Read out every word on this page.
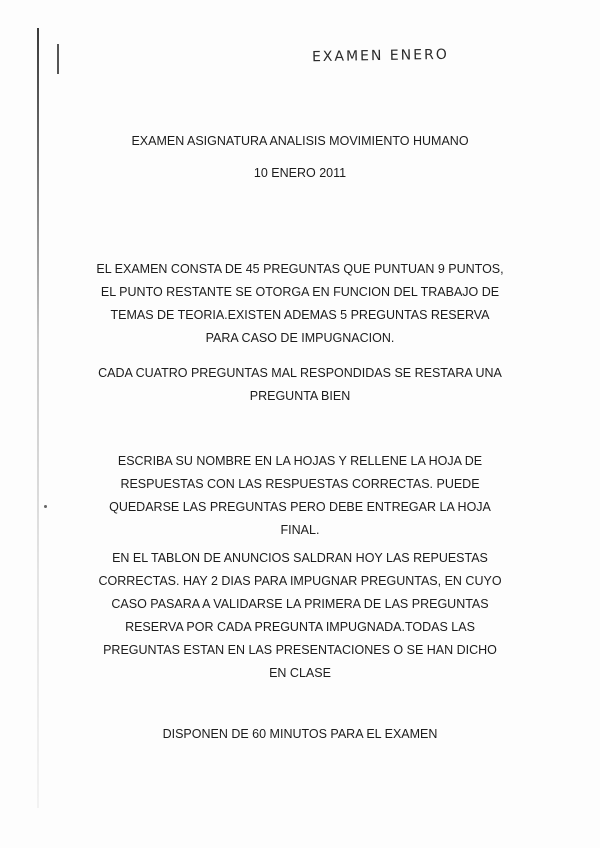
EXAMEN ENERO

EXAMEN ASIGNATURA ANALISIS MOVIMIENTO HUMANO

10 ENERO 2011

EL EXAMEN CONSTA DE 45 PREGUNTAS QUE PUNTUAN 9 PUNTOS, EL PUNTO RESTANTE SE OTORGA EN FUNCION DEL TRABAJO DE TEMAS DE TEORIA.EXISTEN ADEMAS 5 PREGUNTAS RESERVA PARA CASO DE IMPUGNACION.

CADA CUATRO PREGUNTAS MAL RESPONDIDAS SE RESTARA UNA PREGUNTA BIEN

ESCRIBA SU NOMBRE EN LA HOJAS Y RELLENE LA HOJA DE RESPUESTAS CON LAS RESPUESTAS CORRECTAS. PUEDE QUEDARSE LAS PREGUNTAS PERO DEBE ENTREGAR LA HOJA FINAL.

EN EL TABLON DE ANUNCIOS SALDRAN HOY LAS REPUESTAS CORRECTAS. HAY 2 DIAS PARA IMPUGNAR PREGUNTAS, EN CUYO CASO PASARA A VALIDARSE LA PRIMERA DE LAS PREGUNTAS RESERVA POR CADA PREGUNTA IMPUGNADA.TODAS LAS PREGUNTAS ESTAN EN LAS PRESENTACIONES O SE HAN DICHO EN CLASE

DISPONEN DE 60 MINUTOS PARA EL EXAMEN
